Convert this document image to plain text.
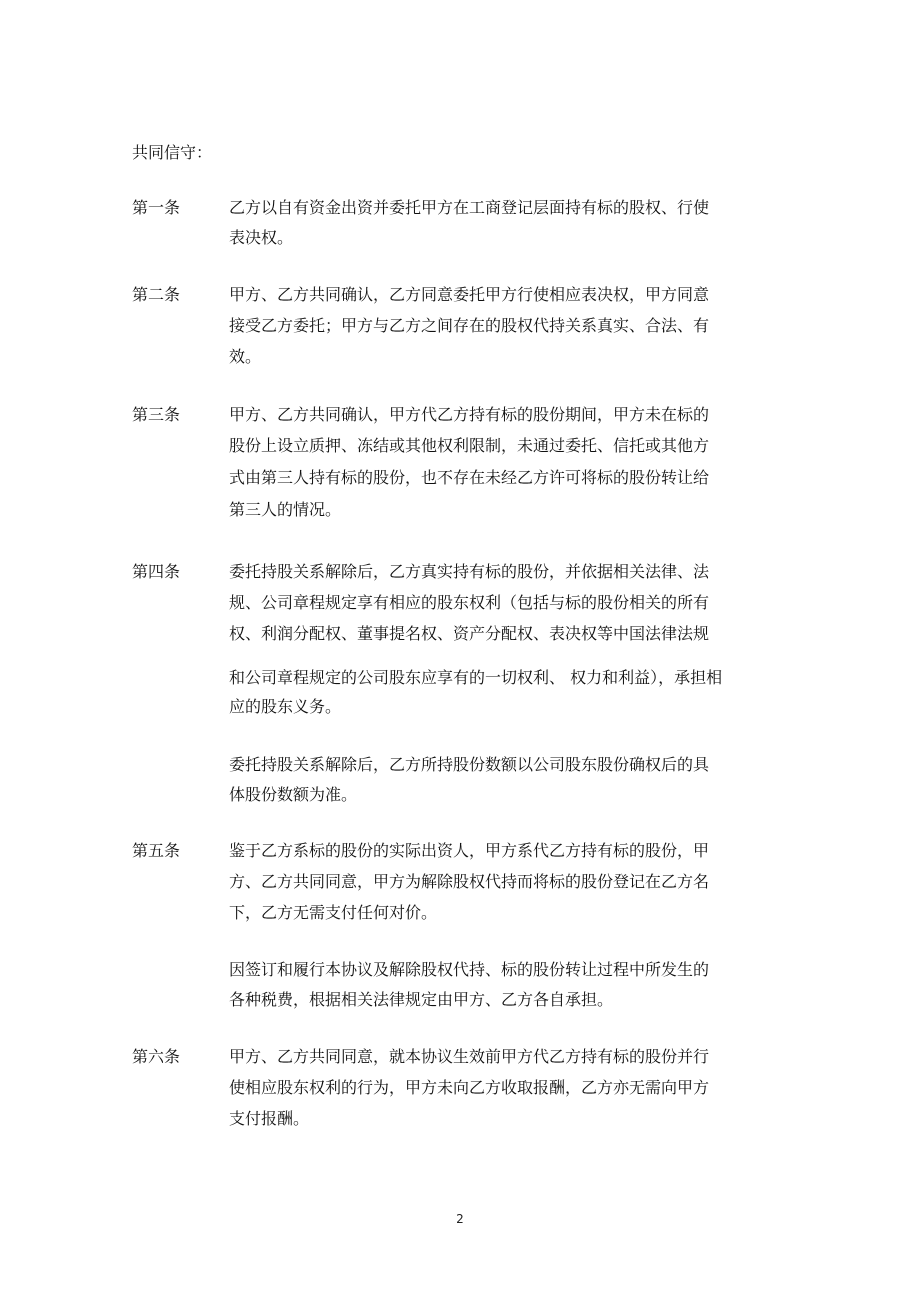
共同信守：

第一条	乙方以自有资金出资并委托甲方在工商登记层面持有标的股权、行使

表决权。

第二条	甲方、乙方共同确认，乙方同意委托甲方行使相应表决权，甲方同意

接受乙方委托；甲方与乙方之间存在的股权代持关系真实、合法、有

效。

第三条	甲方、乙方共同确认，甲方代乙方持有标的股份期间，甲方未在标的

股份上设立质押、冻结或其他权利限制，未通过委托、信托或其他方

式由第三人持有标的股份，也不存在未经乙方许可将标的股份转让给

第三人的情况。

第四条	委托持股关系解除后，乙方真实持有标的股份，并依据相关法律、法

规、公司章程规定享有相应的股东权利（包括与标的股份相关的所有

权、利润分配权、董事提名权、资产分配权、表决权等中国法律法规

和公司章程规定的公司股东应享有的一切权利、 权力和利益），承担相

应的股东义务。

委托持股关系解除后，乙方所持股份数额以公司股东股份确权后的具

体股份数额为准。

第五条	鉴于乙方系标的股份的实际出资人，甲方系代乙方持有标的股份，甲

方、乙方共同同意，甲方为解除股权代持而将标的股份登记在乙方名

下，乙方无需支付任何对价。

因签订和履行本协议及解除股权代持、标的股份转让过程中所发生的

各种税费，根据相关法律规定由甲方、乙方各自承担。

第六条	甲方、乙方共同同意，就本协议生效前甲方代乙方持有标的股份并行

使相应股东权利的行为，甲方未向乙方收取报酬，乙方亦无需向甲方

支付报酬。

2
